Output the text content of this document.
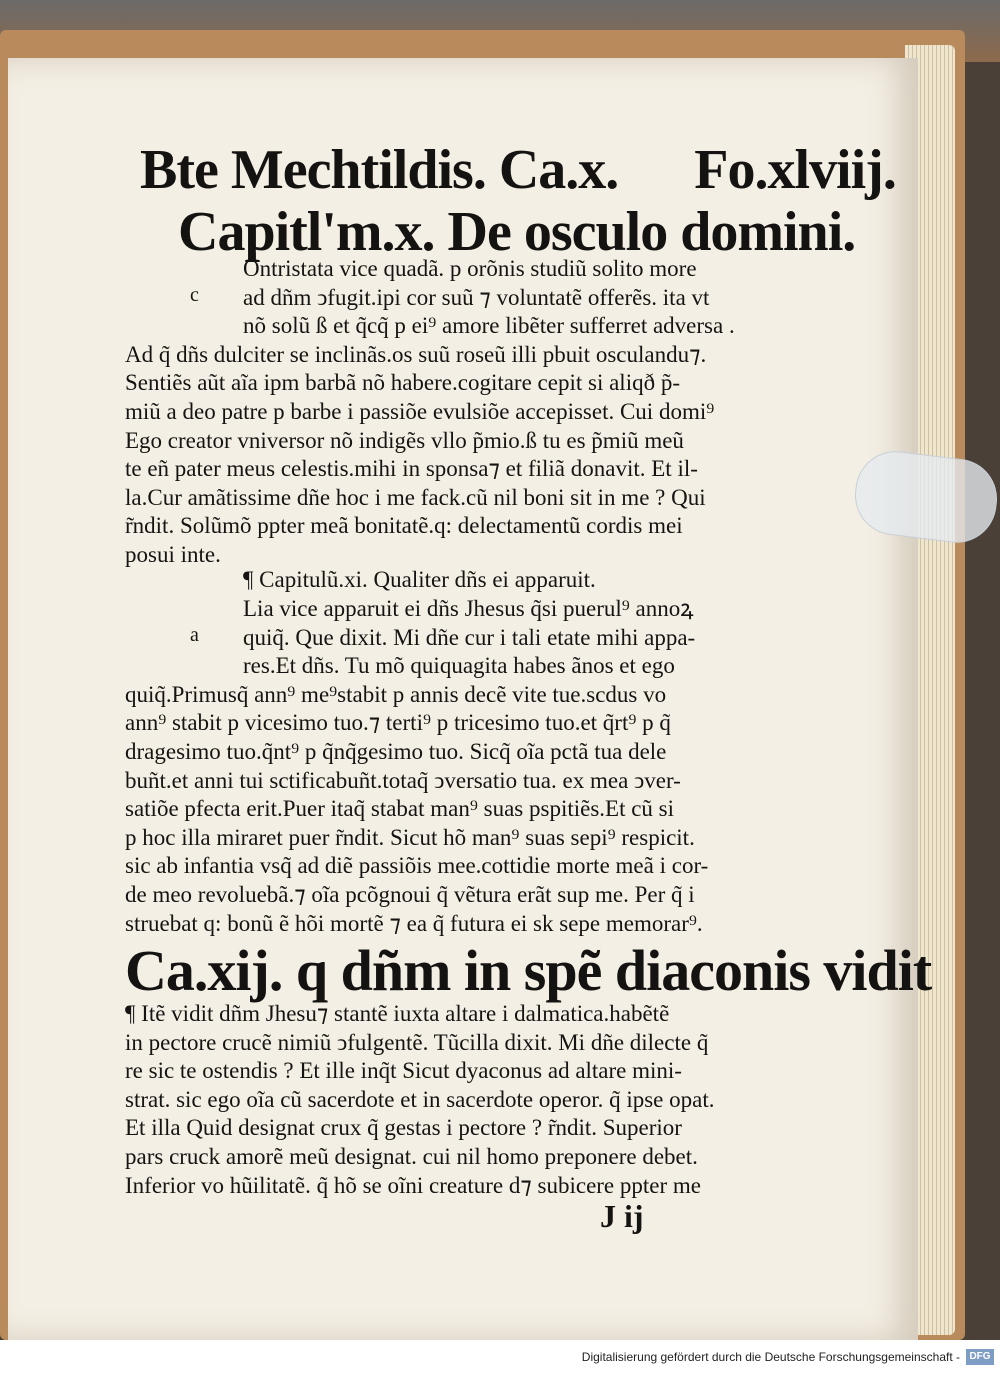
Bte Mechtildis. Ca.x. Fo.xlviij.
Capitl'm.x. De osculo domini.
c
Ontristata vice quadã. p orõnis studiũ solito more
ad dñm ↄfugit.ipi cor suũ ⁊ voluntatẽ offerẽs. ita vt
nõ solũ ß et q̃cq̃ p ei⁹ amore libẽter sufferret adversa .
Ad q̃ dñs dulciter se inclinãs.os suũ roseũ illi pbuit osculandu⁊.
Sentiẽs aũt aĩa ipm barbã nõ habere.cogitare cepit si aliqð p̃-
miũ a deo patre p barbe i passiõe evulsiõe accepisset. Cui domi⁹
Ego creator vniversor nõ indigẽs vllo p̃mio.ß tu es p̃miũ meũ
te eñ pater meus celestis.mihi in sponsa⁊ et filiã donavit. Et il-
la.Cur amãtissime dñe hoc i me fack.cũ nil boni sit in me ? Qui
r̃ndit. Solũmõ ppter meã bonitatẽ.q: delectamentũ cordis mei
posui inte.
¶ Capitulũ.xi. Qualiter dñs ei apparuit.
a
Lia vice apparuit ei dñs Jhesus q̃si puerul⁹ annoꝝ
quiq̃. Que dixit. Mi dñe cur i tali etate mihi appa-
res.Et dñs. Tu mõ quiquagita habes ãnos et ego
quiq̃.Primusq̃ ann⁹ me⁹stabit p annis decẽ vite tue.scdus vo
ann⁹ stabit p vicesimo tuo.⁊ terti⁹ p tricesimo tuo.et q̃rt⁹ p q̃
dragesimo tuo.q̃nt⁹ p q̃nq̃gesimo tuo. Sicq̃ oĩa pctã tua dele
buñt.et anni tui sctificabuñt.totaq̃ ↄversatio tua. ex mea ↄver-
satiõe pfecta erit.Puer itaq̃ stabat man⁹ suas pspitiẽs.Et cũ si
p hoc illa miraret puer r̃ndit. Sicut hõ man⁹ suas sepi⁹ respicit.
sic ab infantia vsq̃ ad diẽ passiõis mee.cottidie morte meã i cor-
de meo revoluebã.⁊ oĩa pcõgnoui q̃ vẽtura erãt sup me. Per q̃ i
struebat q: bonũ ẽ hõi mortẽ ⁊ ea q̃ futura ei sk sepe memorar⁹.
Ca.xij. q dñm in spẽ diaconis vidit
¶ Itẽ vidit dñm Jhesu⁊ stantẽ iuxta altare i dalmatica.habẽtẽ
in pectore crucẽ nimiũ ↄfulgentẽ. Tũcilla dixit. Mi dñe dilecte q̃
re sic te ostendis ? Et ille inq̃t Sicut dyaconus ad altare mini-
strat. sic ego oĩa cũ sacerdote et in sacerdote operor. q̃ ipse opat.
Et illa Quid designat crux q̃ gestas i pectore ? r̃ndit. Superior
pars cruck amorẽ meũ designat. cui nil homo preponere debet.
Inferior vo hũilitatẽ. q̃ hõ se oĩni creature d⁊ subicere ppter me
J ij
Digitalisierung gefördert durch die Deutsche Forschungsgemeinschaft - DFG
